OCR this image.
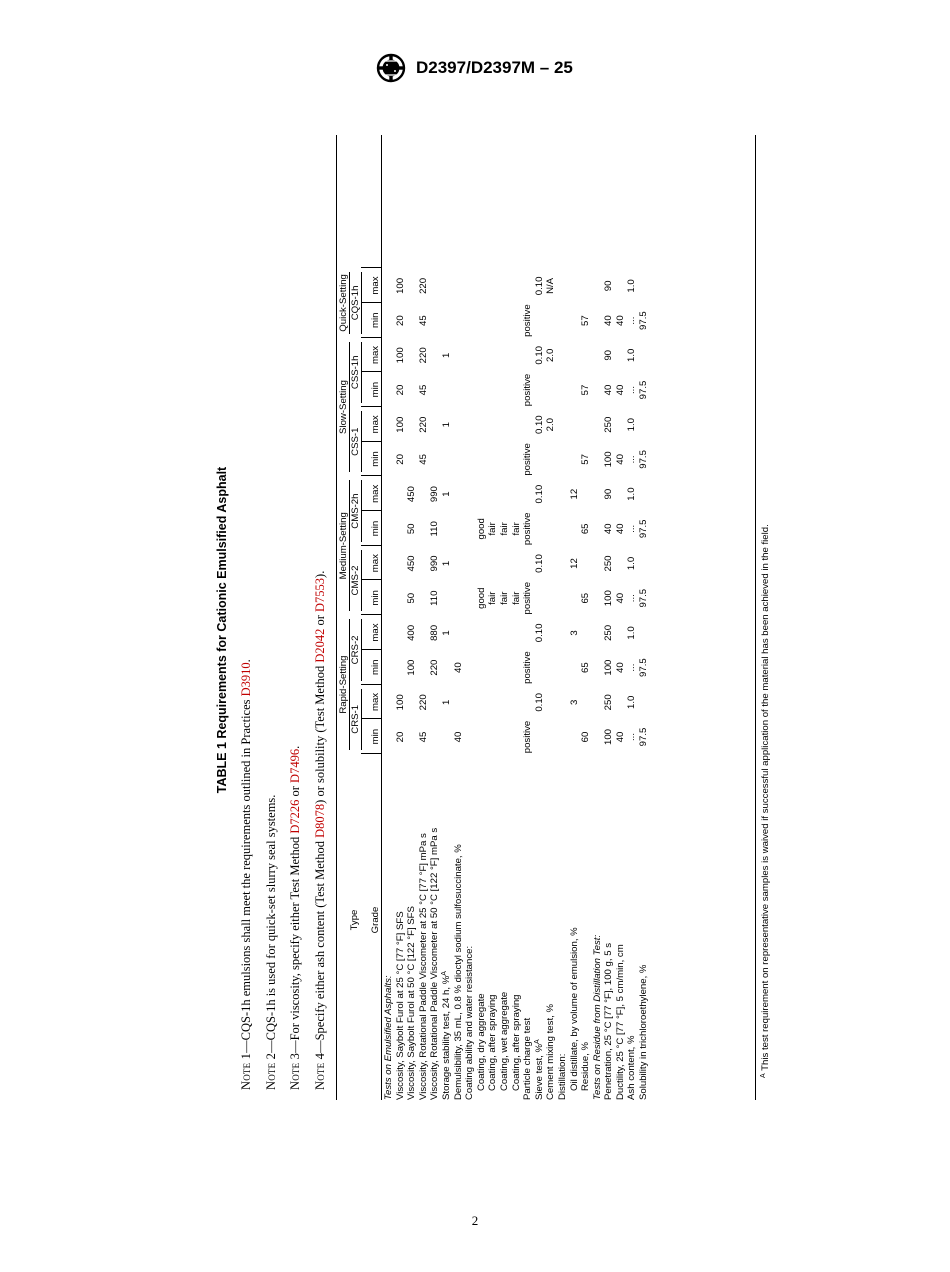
D2397/D2397M – 25
TABLE 1 Requirements for Cationic Emulsified Asphalt
Note 1—CQS-1h emulsions shall meet the requirements outlined in Practices D3910.
Note 2—CQS-1h is used for quick-set slurry seal systems.
Note 3—For viscosity, specify either Test Method D7226 or D7496.
Note 4—Specify either ash content (Test Method D8078) or solubility (Test Method D2042 or D7553).
Type Grade
Rapid-Setting
Medium-Setting
Slow-Setting
Quick-Setting
CRS-1
min
max
CRS-2
min
max
CMS-2
min
max
CMS-2h min
max
CSS-1
min
max
CSS-1h
min
max
CQS-1h
min
max
Tests on Emulsified Asphalts: Viscosity, Saybolt Furol at 25 °C [77 °F] SFS
20
100
20
100
20
100
20
100
Viscosity, Saybolt Furol at 50 °C [122 °F] SFS
100
400
50
450
50
450
Viscosity, Rotational Paddle Viscometer at 25 °C [77 °F] mPa s
45
220
45
220
45
220
45
220
Viscosity, Rotational Paddle Viscometer at 50 °C [122 °F] mPa s
220
880
110
990
110
990
Storage stability test, 24 h, %$^A$
1
1
1
1
1
1
Demulsibility, 35 mL, 0.8 % dioctyl sodium sulfosuccinate, %
40
40
Coating ability and water resistance: Coating, dry aggregate
good
good
Coating, after spraying
fair
fair
Coating, wet aggregate
fair
fair
Coating, after spraying
fair
fair
Particle charge test
positive
positive
positive
positive
positive
positive
positive
Sieve test, %$^A$
0.10
0.10
0.10
0.10
0.10
0.10
0.10
Cement mixing test, %
2.0
2.0
N/A
Distillation: Oil distillate, by volume of emulsion, %
3
3
12
12
Residue, %
60
65
65
65
57
57
57
Tests on Residue from Distillation Test: Penetration, 25 °C [77 °F], 100 g, 5 s
100
250
100
250
100
250
40
90
100
250
40
90
40
90
Ductility, 25 °C [77 °F], 5 cm/min, cm
40
40
40
40
40
40
40
Ash content, %
...
1.0
...
1.0
...
1.0
...
1.0
...
1.0
...
1.0
...
1.0
Solubility in trichloroethylene, %
97.5
97.5
97.5
97.5
97.5
97.5
97.5
$^A$ This test requirement on representative samples is waived if successful application of the material has been achieved in the field.
2
